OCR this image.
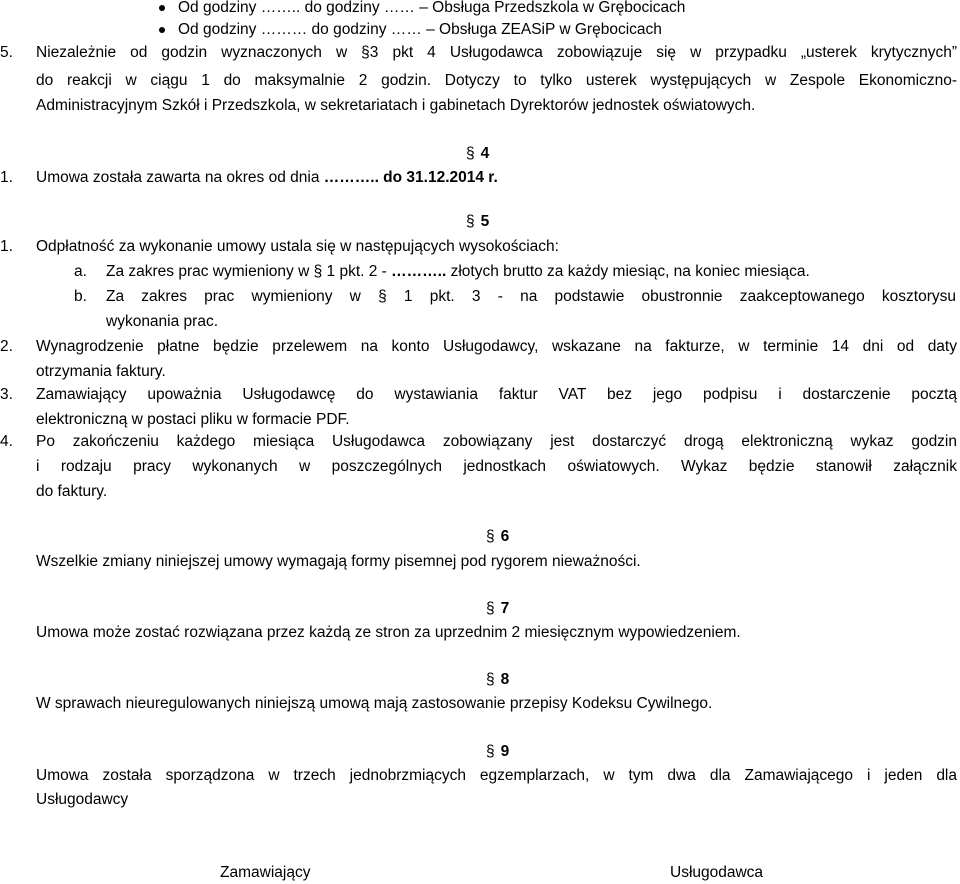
Od godziny …….. do godziny …… – Obsługa Przedszkola w Grębocicach
Od godziny ……… do godziny …… – Obsługa ZEASiP w Grębocicach
5. Niezależnie od godzin wyznaczonych w §3 pkt 4 Usługodawca zobowiązuje się w przypadku „usterek krytycznych”
do reakcji w ciągu 1 do maksymalnie 2 godzin. Dotyczy to tylko usterek występujących w Zespole Ekonomiczno-
Administracyjnym Szkół i Przedszkola, w sekretariatach i gabinetach Dyrektorów jednostek oświatowych.
§ 4
1. Umowa została zawarta na okres od dnia ……….. do 31.12.2014 r.
§ 5
1. Odpłatność za wykonanie umowy ustala się w następujących wysokościach:
a. Za zakres prac wymieniony w § 1 pkt. 2 - ……….. złotych brutto za każdy miesiąc, na koniec miesiąca.
b. Za zakres prac wymieniony w § 1 pkt. 3 - na podstawie obustronnie zaakceptowanego kosztorysu
wykonania prac.
2. Wynagrodzenie płatne będzie przelewem na konto Usługodawcy, wskazane na fakturze, w terminie 14 dni od daty
otrzymania faktury.
3. Zamawiający upoważnia Usługodawcę do wystawiania faktur VAT bez jego podpisu i dostarczenie pocztą
elektroniczną w postaci pliku w formacie PDF.
4. Po zakończeniu każdego miesiąca Usługodawca zobowiązany jest dostarczyć drogą elektroniczną wykaz godzin
i rodzaju pracy wykonanych w poszczególnych jednostkach oświatowych. Wykaz będzie stanowił załącznik
do faktury.
§ 6
Wszelkie zmiany niniejszej umowy wymagają formy pisemnej pod rygorem nieważności.
§ 7
Umowa może zostać rozwiązana przez każdą ze stron za uprzednim 2 miesięcznym wypowiedzeniem.
§ 8
W sprawach nieuregulowanych niniejszą umową mają zastosowanie przepisy Kodeksu Cywilnego.
§ 9
Umowa została sporządzona w trzech jednobrzmiących egzemplarzach, w tym dwa dla Zamawiającego i jeden dla
Usługodawcy
Zamawiający	Usługodawca
